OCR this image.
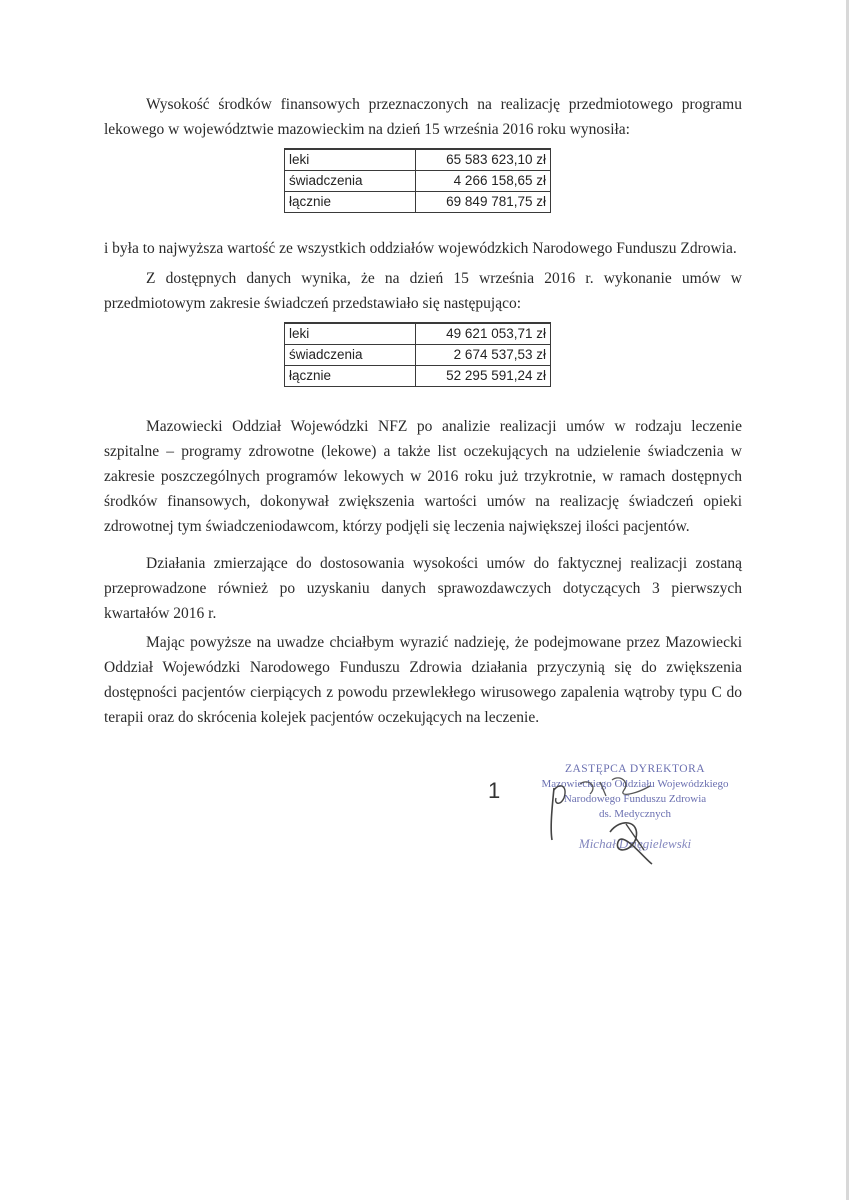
Wysokość środków finansowych przeznaczonych na realizację przedmiotowego programu lekowego w województwie mazowieckim na dzień 15 września 2016 roku wynosiła:

leki	65 583 623,10 zł
świadczenia	4 266 158,65 zł
łącznie	69 849 781,75 zł

i była to najwyższa wartość ze wszystkich oddziałów wojewódzkich Narodowego Funduszu Zdrowia.

Z dostępnych danych wynika, że na dzień 15 września 2016 r. wykonanie umów w przedmiotowym zakresie świadczeń przedstawiało się następująco:

leki	49 621 053,71 zł
świadczenia	2 674 537,53 zł
łącznie	52 295 591,24 zł

Mazowiecki Oddział Wojewódzki NFZ po analizie realizacji umów w rodzaju leczenie szpitalne – programy zdrowotne (lekowe) a także list oczekujących na udzielenie świadczenia w zakresie poszczególnych programów lekowych w 2016 roku już trzykrotnie, w ramach dostępnych środków finansowych, dokonywał zwiększenia wartości umów na realizację świadczeń opieki zdrowotnej tym świadczeniodawcom, którzy podjęli się leczenia największej ilości pacjentów.

Działania zmierzające do dostosowania wysokości umów do faktycznej realizacji zostaną przeprowadzone również po uzyskaniu danych sprawozdawczych dotyczących 3 pierwszych kwartałów 2016 r.

Mając powyższe na uwadze chciałbym wyrazić nadzieję, że podejmowane przez Mazowiecki Oddział Wojewódzki Narodowego Funduszu Zdrowia działania przyczynią się do zwiększenia dostępności pacjentów cierpiących z powodu przewlekłego wirusowego zapalenia wątroby typu C do terapii oraz do skrócenia kolejek pacjentów oczekujących na leczenie.

1
ZASTĘPCA DYREKTORA
Mazowieckiego Oddziału Wojewódzkiego
Narodowego Funduszu Zdrowia
ds. Medycznych
Michał Dzięgielewski
